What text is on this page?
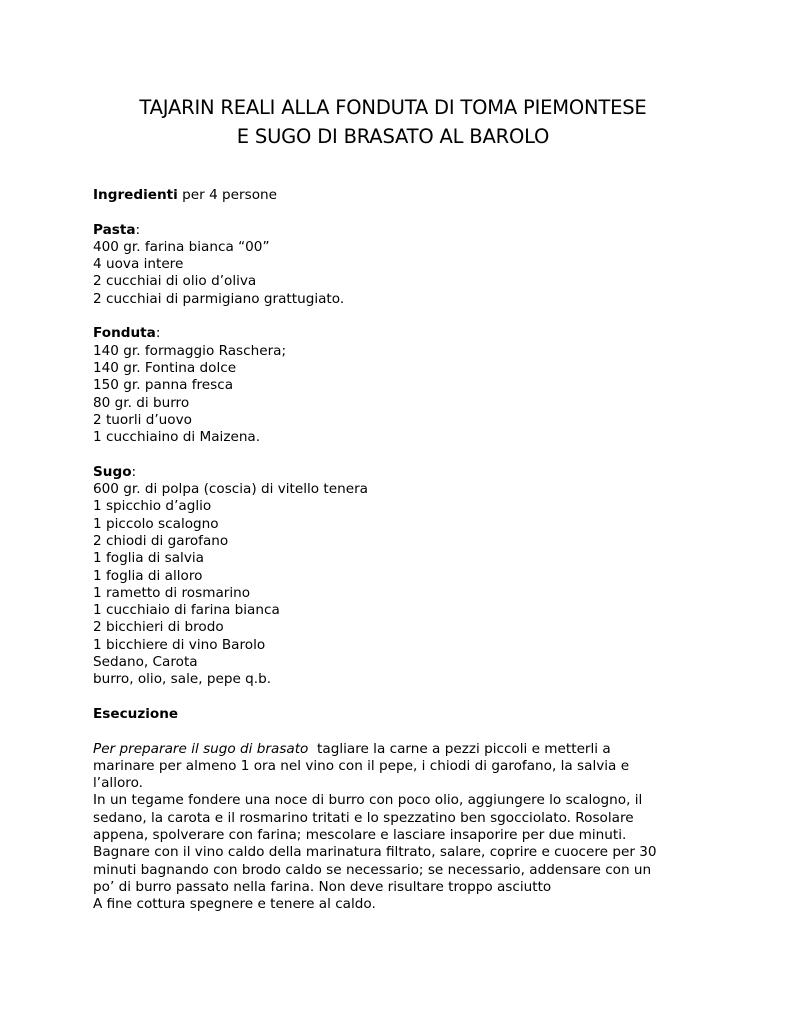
TAJARIN REALI ALLA FONDUTA DI TOMA PIEMONTESE
E SUGO DI BRASATO AL BAROLO
Ingredienti per 4 persone
Pasta:
400 gr. farina bianca “00”
4 uova intere
2 cucchiai di olio d’oliva
2 cucchiai di parmigiano grattugiato.
Fonduta:
140 gr. formaggio Raschera;
140 gr. Fontina dolce
150 gr. panna fresca
80 gr. di burro
2 tuorli d’uovo
1 cucchiaino di Maizena.
Sugo:
600 gr. di polpa (coscia) di vitello tenera
1 spicchio d’aglio
1 piccolo scalogno
2 chiodi di garofano
1 foglia di salvia
1 foglia di alloro
1 rametto di rosmarino
1 cucchiaio di farina bianca
2 bicchieri di brodo
1 bicchiere di vino Barolo
Sedano, Carota
burro, olio, sale, pepe q.b.
Esecuzione
Per preparare il sugo di brasato  tagliare la carne a pezzi piccoli e metterli a
marinare per almeno 1 ora nel vino con il pepe, i chiodi di garofano, la salvia e
l’alloro.
In un tegame fondere una noce di burro con poco olio, aggiungere lo scalogno, il
sedano, la carota e il rosmarino tritati e lo spezzatino ben sgocciolato. Rosolare
appena, spolverare con farina; mescolare e lasciare insaporire per due minuti.
Bagnare con il vino caldo della marinatura filtrato, salare, coprire e cuocere per 30
minuti bagnando con brodo caldo se necessario; se necessario, addensare con un
po’ di burro passato nella farina. Non deve risultare troppo asciutto
A fine cottura spegnere e tenere al caldo.
